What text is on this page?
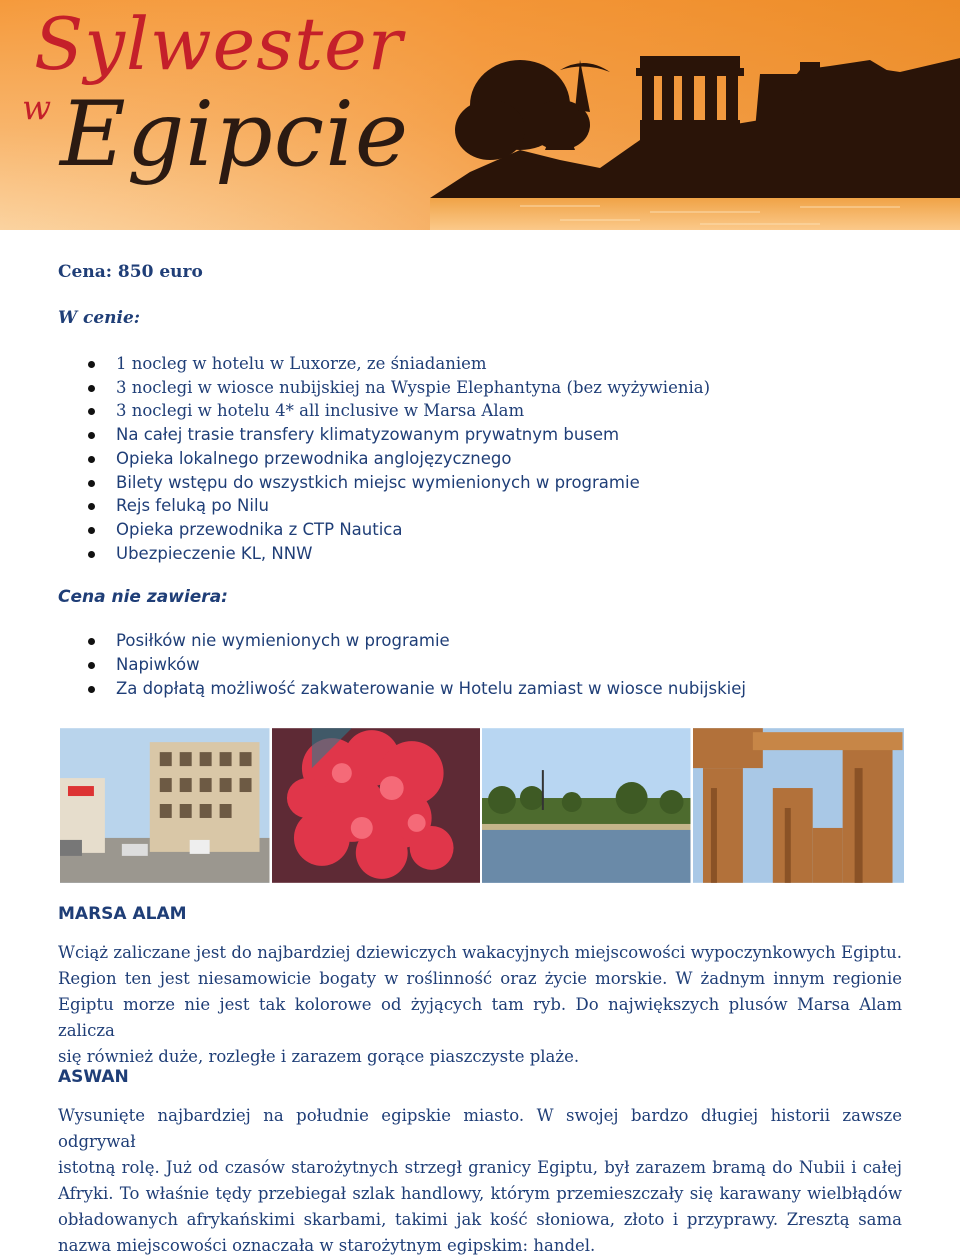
Sylwester
w Egipcie

Cena: 850 euro

W cenie:

1 nocleg w hotelu w Luxorze, ze śniadaniem
3 noclegi w wiosce nubijskiej na Wyspie Elephantyna (bez wyżywienia)
3 noclegi w hotelu 4* all inclusive w Marsa Alam
Na całej trasie transfery klimatyzowanym prywatnym busem
Opieka lokalnego przewodnika anglojęzycznego
Bilety wstępu do wszystkich miejsc wymienionych w programie
Rejs feluką po Nilu
Opieka przewodnika z CTP Nautica
Ubezpieczenie KL, NNW

Cena nie zawiera:

Posiłków nie wymienionych w programie
Napiwków
Za dopłatą możliwość zakwaterowanie w Hotelu zamiast w wiosce nubijskiej

MARSA ALAM

Wciąż zaliczane jest do najbardziej dziewiczych wakacyjnych miejscowości wypoczynkowych Egiptu.
Region ten jest niesamowicie bogaty w roślinność oraz życie morskie. W żadnym innym regionie
Egiptu morze nie jest tak kolorowe od żyjących tam ryb. Do największych plusów Marsa Alam zalicza
się również duże, rozległe i zarazem gorące piaszczyste plaże.

ASWAN

Wysunięte najbardziej na południe egipskie miasto. W swojej bardzo długiej historii zawsze odgrywał
istotną rolę. Już od czasów starożytnych strzegł granicy Egiptu, był zarazem bramą do Nubii i całej
Afryki. To właśnie tędy przebiegał szlak handlowy, którym przemieszczały się karawany wielbłądów
obładowanych afrykańskimi skarbami, takimi jak kość słoniowa, złoto i przyprawy. Zresztą sama
nazwa miejscowości oznaczała w starożytnym egipskim: handel.
